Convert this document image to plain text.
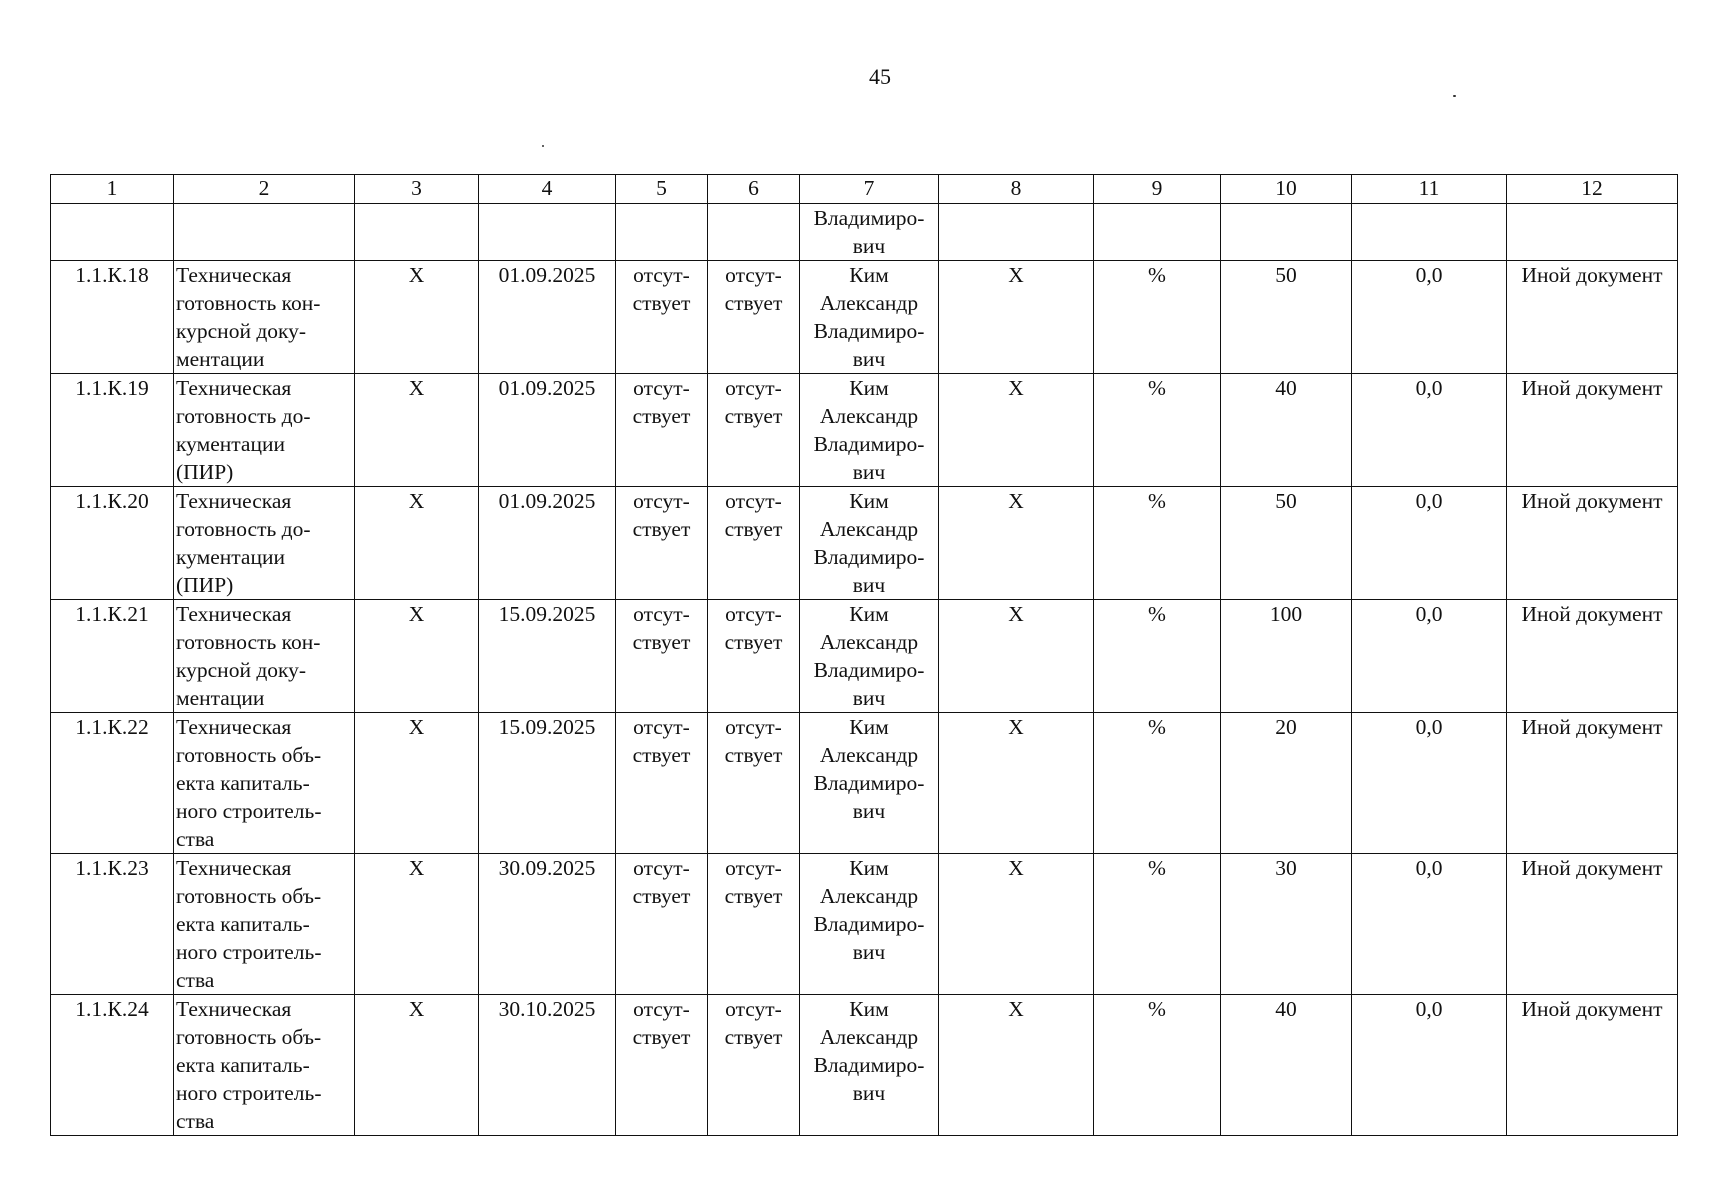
45
1	2	3	4	5	6	7	8	9	10	11	12
						Владимиро-
вич					
1.1.К.18	Техническая
готовность кон-
курсной доку-
ментации	Х	01.09.2025	отсут-
ствует	отсут-
ствует	Ким
Александр
Владимиро-
вич	Х	%	50	0,0	Иной документ
1.1.К.19	Техническая
готовность до-
кументации
(ПИР)	Х	01.09.2025	отсут-
ствует	отсут-
ствует	Ким
Александр
Владимиро-
вич	Х	%	40	0,0	Иной документ
1.1.К.20	Техническая
готовность до-
кументации
(ПИР)	Х	01.09.2025	отсут-
ствует	отсут-
ствует	Ким
Александр
Владимиро-
вич	Х	%	50	0,0	Иной документ
1.1.К.21	Техническая
готовность кон-
курсной доку-
ментации	Х	15.09.2025	отсут-
ствует	отсут-
ствует	Ким
Александр
Владимиро-
вич	Х	%	100	0,0	Иной документ
1.1.К.22	Техническая
готовность объ-
екта капиталь-
ного строитель-
ства	Х	15.09.2025	отсут-
ствует	отсут-
ствует	Ким
Александр
Владимиро-
вич	Х	%	20	0,0	Иной документ
1.1.К.23	Техническая
готовность объ-
екта капиталь-
ного строитель-
ства	Х	30.09.2025	отсут-
ствует	отсут-
ствует	Ким
Александр
Владимиро-
вич	Х	%	30	0,0	Иной документ
1.1.К.24	Техническая
готовность объ-
екта капиталь-
ного строитель-
ства	Х	30.10.2025	отсут-
ствует	отсут-
ствует	Ким
Александр
Владимиро-
вич	Х	%	40	0,0	Иной документ
